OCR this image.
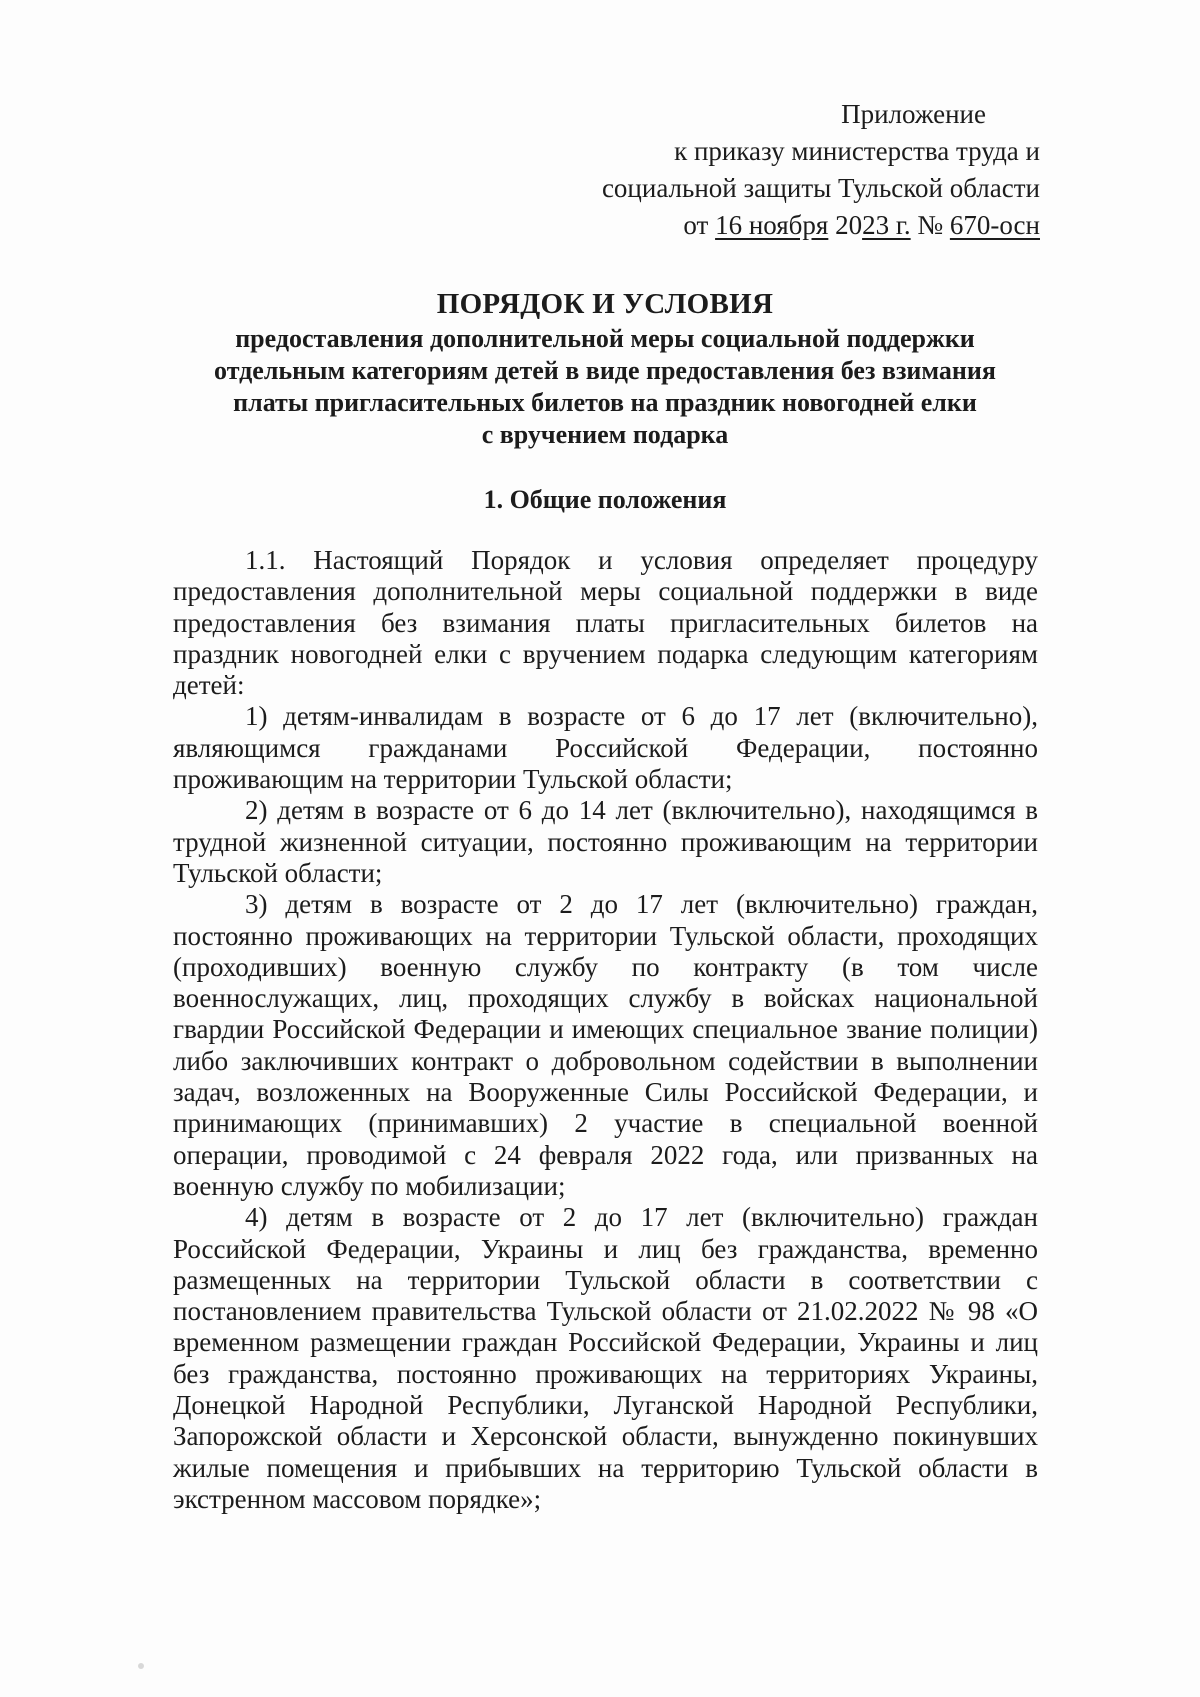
Приложение
к приказу министерства труда и
социальной защиты Тульской области
от 16 ноября 2023 г. № 670-осн
ПОРЯДОК И УСЛОВИЯ
предоставления дополнительной меры социальной поддержки
отдельным категориям детей в виде предоставления без взимания
платы пригласительных билетов на праздник новогодней елки
с вручением подарка
1. Общие положения

1.1. Настоящий Порядок и условия определяет процедуру предоставления дополнительной меры социальной поддержки в виде предоставления без взимания платы пригласительных билетов на праздник новогодней елки с вручением подарка следующим категориям детей:

1) детям-инвалидам в возрасте от 6 до 17 лет (включительно), являющимся гражданами Российской Федерации, постоянно проживающим на территории Тульской области;

2) детям в возрасте от 6 до 14 лет (включительно), находящимся в трудной жизненной ситуации, постоянно проживающим на территории Тульской области;

3) детям в возрасте от 2 до 17 лет (включительно) граждан, постоянно проживающих на территории Тульской области, проходящих (проходивших) военную службу по контракту (в том числе военнослужащих, лиц, проходящих службу в войсках национальной гвардии Российской Федерации и имеющих специальное звание полиции) либо заключивших контракт о добровольном содействии в выполнении задач, возложенных на Вооруженные Силы Российской Федерации, и принимающих (принимавших) 2 участие в специальной военной операции, проводимой с 24 февраля 2022 года, или призванных на военную службу по мобилизации;

4) детям в возрасте от 2 до 17 лет (включительно) граждан Российской Федерации, Украины и лиц без гражданства, временно размещенных на территории Тульской области в соответствии с постановлением правительства Тульской области от 21.02.2022 № 98 «О временном размещении граждан Российской Федерации, Украины и лиц без гражданства, постоянно проживающих на территориях Украины, Донецкой Народной Республики, Луганской Народной Республики, Запорожской области и Херсонской области, вынужденно покинувших жилые помещения и прибывших на территорию Тульской области в экстренном массовом порядке»;
